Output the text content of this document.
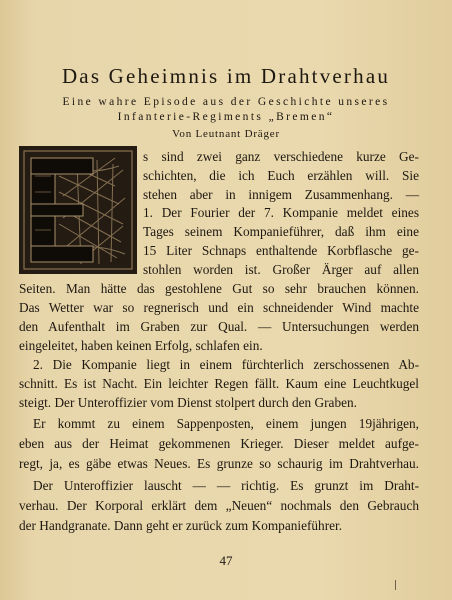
Das Geheimnis im Drahtverhau

Eine wahre Episode aus der Geschichte unseres

Infanterie-Regiments „Bremen“

Von Leutnant Dräger
s sind zwei ganz verschiedene kurze Ge-
schichten, die ich Euch erzählen will. Sie
stehen aber in innigem Zusammenhang. —
1. Der Fourier der 7. Kompanie meldet eines
Tages seinem Kompanieführer, daß ihm eine
15 Liter Schnaps enthaltende Korbflasche ge-
stohlen worden ist. Großer Ärger auf allen
Seiten. Man hätte das gestohlene Gut so sehr brauchen können.
Das Wetter war so regnerisch und ein schneidender Wind machte
den Aufenthalt im Graben zur Qual. — Untersuchungen werden
eingeleitet, haben keinen Erfolg, schlafen ein.
2. Die Kompanie liegt in einem fürchterlich zerschossenen Ab-
schnitt. Es ist Nacht. Ein leichter Regen fällt. Kaum eine Leuchtkugel
steigt. Der Unteroffizier vom Dienst stolpert durch den Graben.
Er kommt zu einem Sappenposten, einem jungen 19jährigen,
eben aus der Heimat gekommenen Krieger. Dieser meldet aufge-
regt, ja, es gäbe etwas Neues. Es grunze so schaurig im Drahtverhau.
Der Unteroffizier lauscht — — richtig. Es grunzt im Draht-
verhau. Der Korporal erklärt dem „Neuen“ nochmals den Gebrauch
der Handgranate. Dann geht er zurück zum Kompanieführer.
47
